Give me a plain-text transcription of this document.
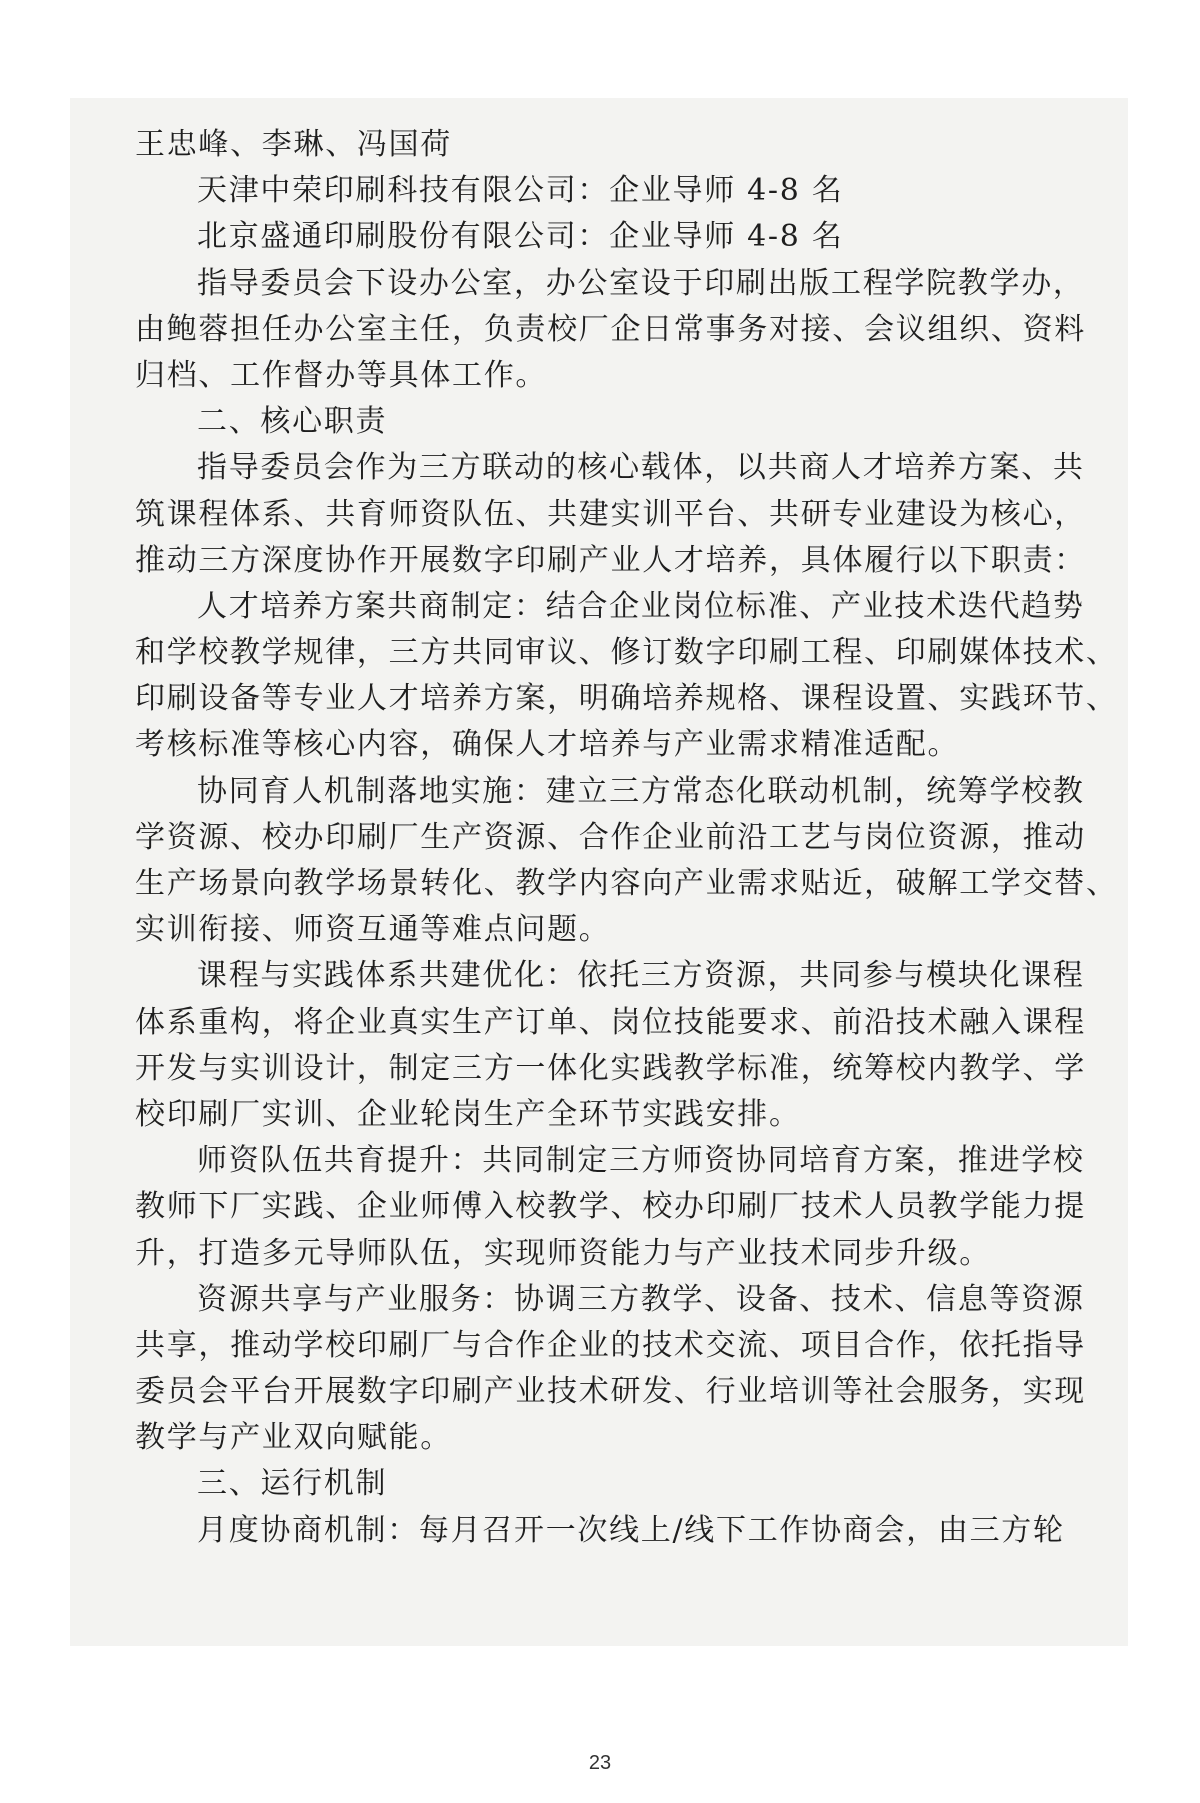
王忠峰、李琳、冯国荷
天津中荣印刷科技有限公司：企业导师 4-8 名
北京盛通印刷股份有限公司：企业导师 4-8 名
指导委员会下设办公室，办公室设于印刷出版工程学院教学办，
由鲍蓉担任办公室主任，负责校厂企日常事务对接、会议组织、资料
归档、工作督办等具体工作。
二、核心职责
指导委员会作为三方联动的核心载体，以共商人才培养方案、共
筑课程体系、共育师资队伍、共建实训平台、共研专业建设为核心，
推动三方深度协作开展数字印刷产业人才培养，具体履行以下职责：
人才培养方案共商制定：结合企业岗位标准、产业技术迭代趋势
和学校教学规律，三方共同审议、修订数字印刷工程、印刷媒体技术、
印刷设备等专业人才培养方案，明确培养规格、课程设置、实践环节、
考核标准等核心内容，确保人才培养与产业需求精准适配。
协同育人机制落地实施：建立三方常态化联动机制，统筹学校教
学资源、校办印刷厂生产资源、合作企业前沿工艺与岗位资源，推动
生产场景向教学场景转化、教学内容向产业需求贴近，破解工学交替、
实训衔接、师资互通等难点问题。
课程与实践体系共建优化：依托三方资源，共同参与模块化课程
体系重构，将企业真实生产订单、岗位技能要求、前沿技术融入课程
开发与实训设计，制定三方一体化实践教学标准，统筹校内教学、学
校印刷厂实训、企业轮岗生产全环节实践安排。
师资队伍共育提升：共同制定三方师资协同培育方案，推进学校
教师下厂实践、企业师傅入校教学、校办印刷厂技术人员教学能力提
升，打造多元导师队伍，实现师资能力与产业技术同步升级。
资源共享与产业服务：协调三方教学、设备、技术、信息等资源
共享，推动学校印刷厂与合作企业的技术交流、项目合作，依托指导
委员会平台开展数字印刷产业技术研发、行业培训等社会服务，实现
教学与产业双向赋能。
三、运行机制
月度协商机制：每月召开一次线上/线下工作协商会，由三方轮
23
